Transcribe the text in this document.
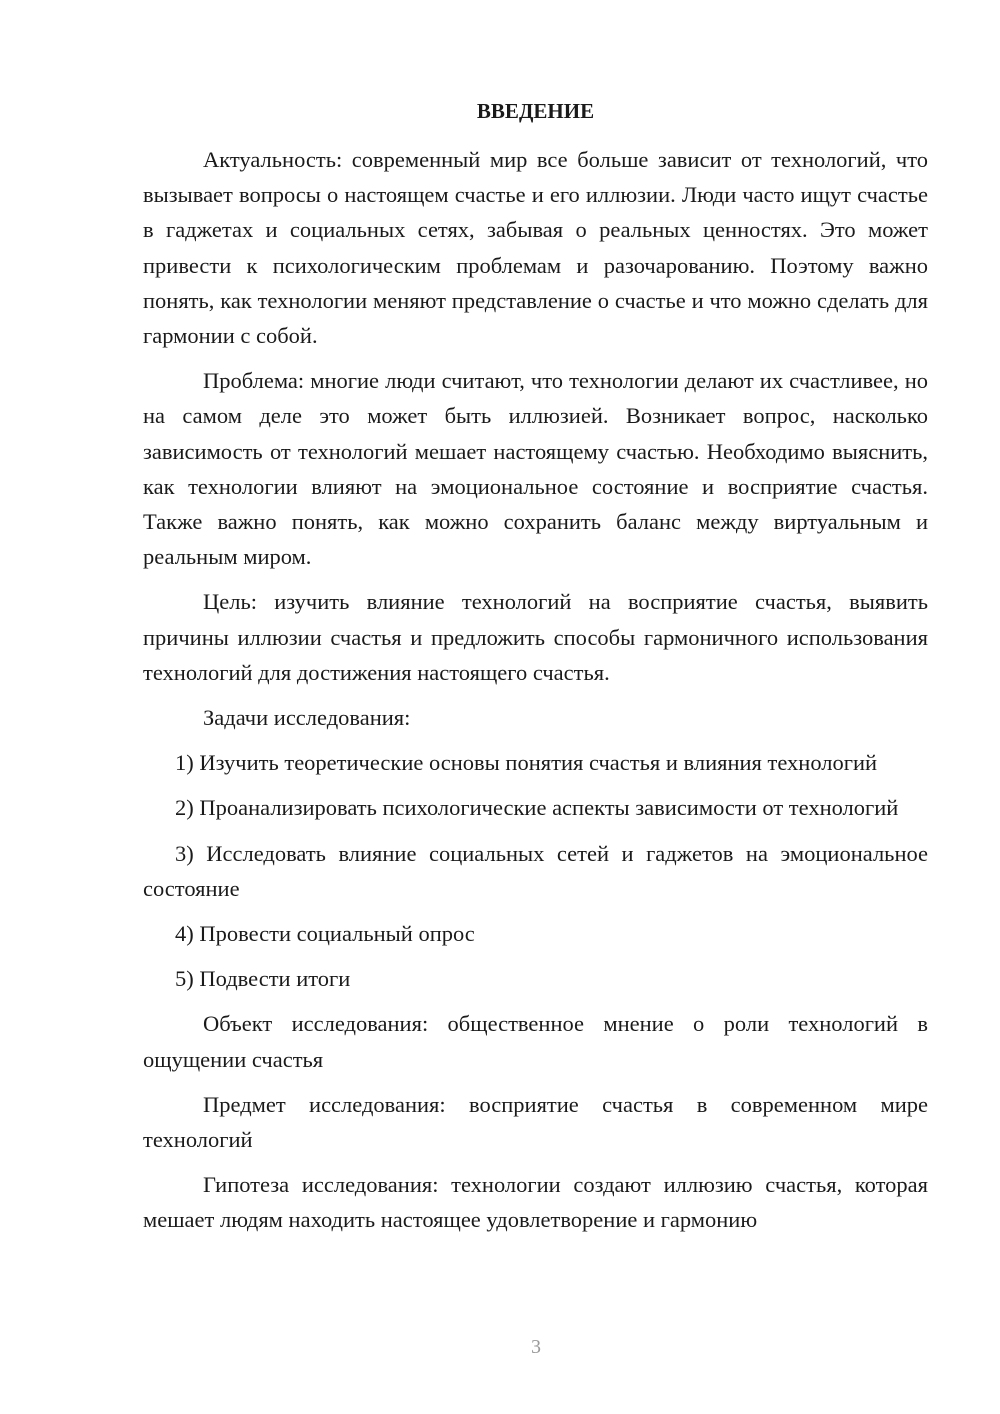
ВВЕДЕНИЕ

Актуальность: современный мир все больше зависит от технологий, что вызывает вопросы о настоящем счастье и его иллюзии. Люди часто ищут счастье в гаджетах и социальных сетях, забывая о реальных ценностях. Это может привести к психологическим проблемам и разочарованию. Поэтому важно понять, как технологии меняют представление о счастье и что можно сделать для гармонии с собой.

Проблема: многие люди считают, что технологии делают их счастливее, но на самом деле это может быть иллюзией. Возникает вопрос, насколько зависимость от технологий мешает настоящему счастью. Необходимо выяснить, как технологии влияют на эмоциональное состояние и восприятие счастья. Также важно понять, как можно сохранить баланс между виртуальным и реальным миром.

Цель: изучить влияние технологий на восприятие счастья, выявить причины иллюзии счастья и предложить способы гармоничного использования технологий для достижения настоящего счастья.

Задачи исследования:

1) Изучить теоретические основы понятия счастья и влияния технологий

2) Проанализировать психологические аспекты зависимости от технологий

3) Исследовать влияние социальных сетей и гаджетов на эмоциональное состояние

4) Провести социальный опрос

5) Подвести итоги

Объект исследования: общественное мнение о роли технологий в ощущении счастья

Предмет исследования: восприятие счастья в современном мире технологий

Гипотеза исследования: технологии создают иллюзию счастья, которая мешает людям находить настоящее удовлетворение и гармонию

3
